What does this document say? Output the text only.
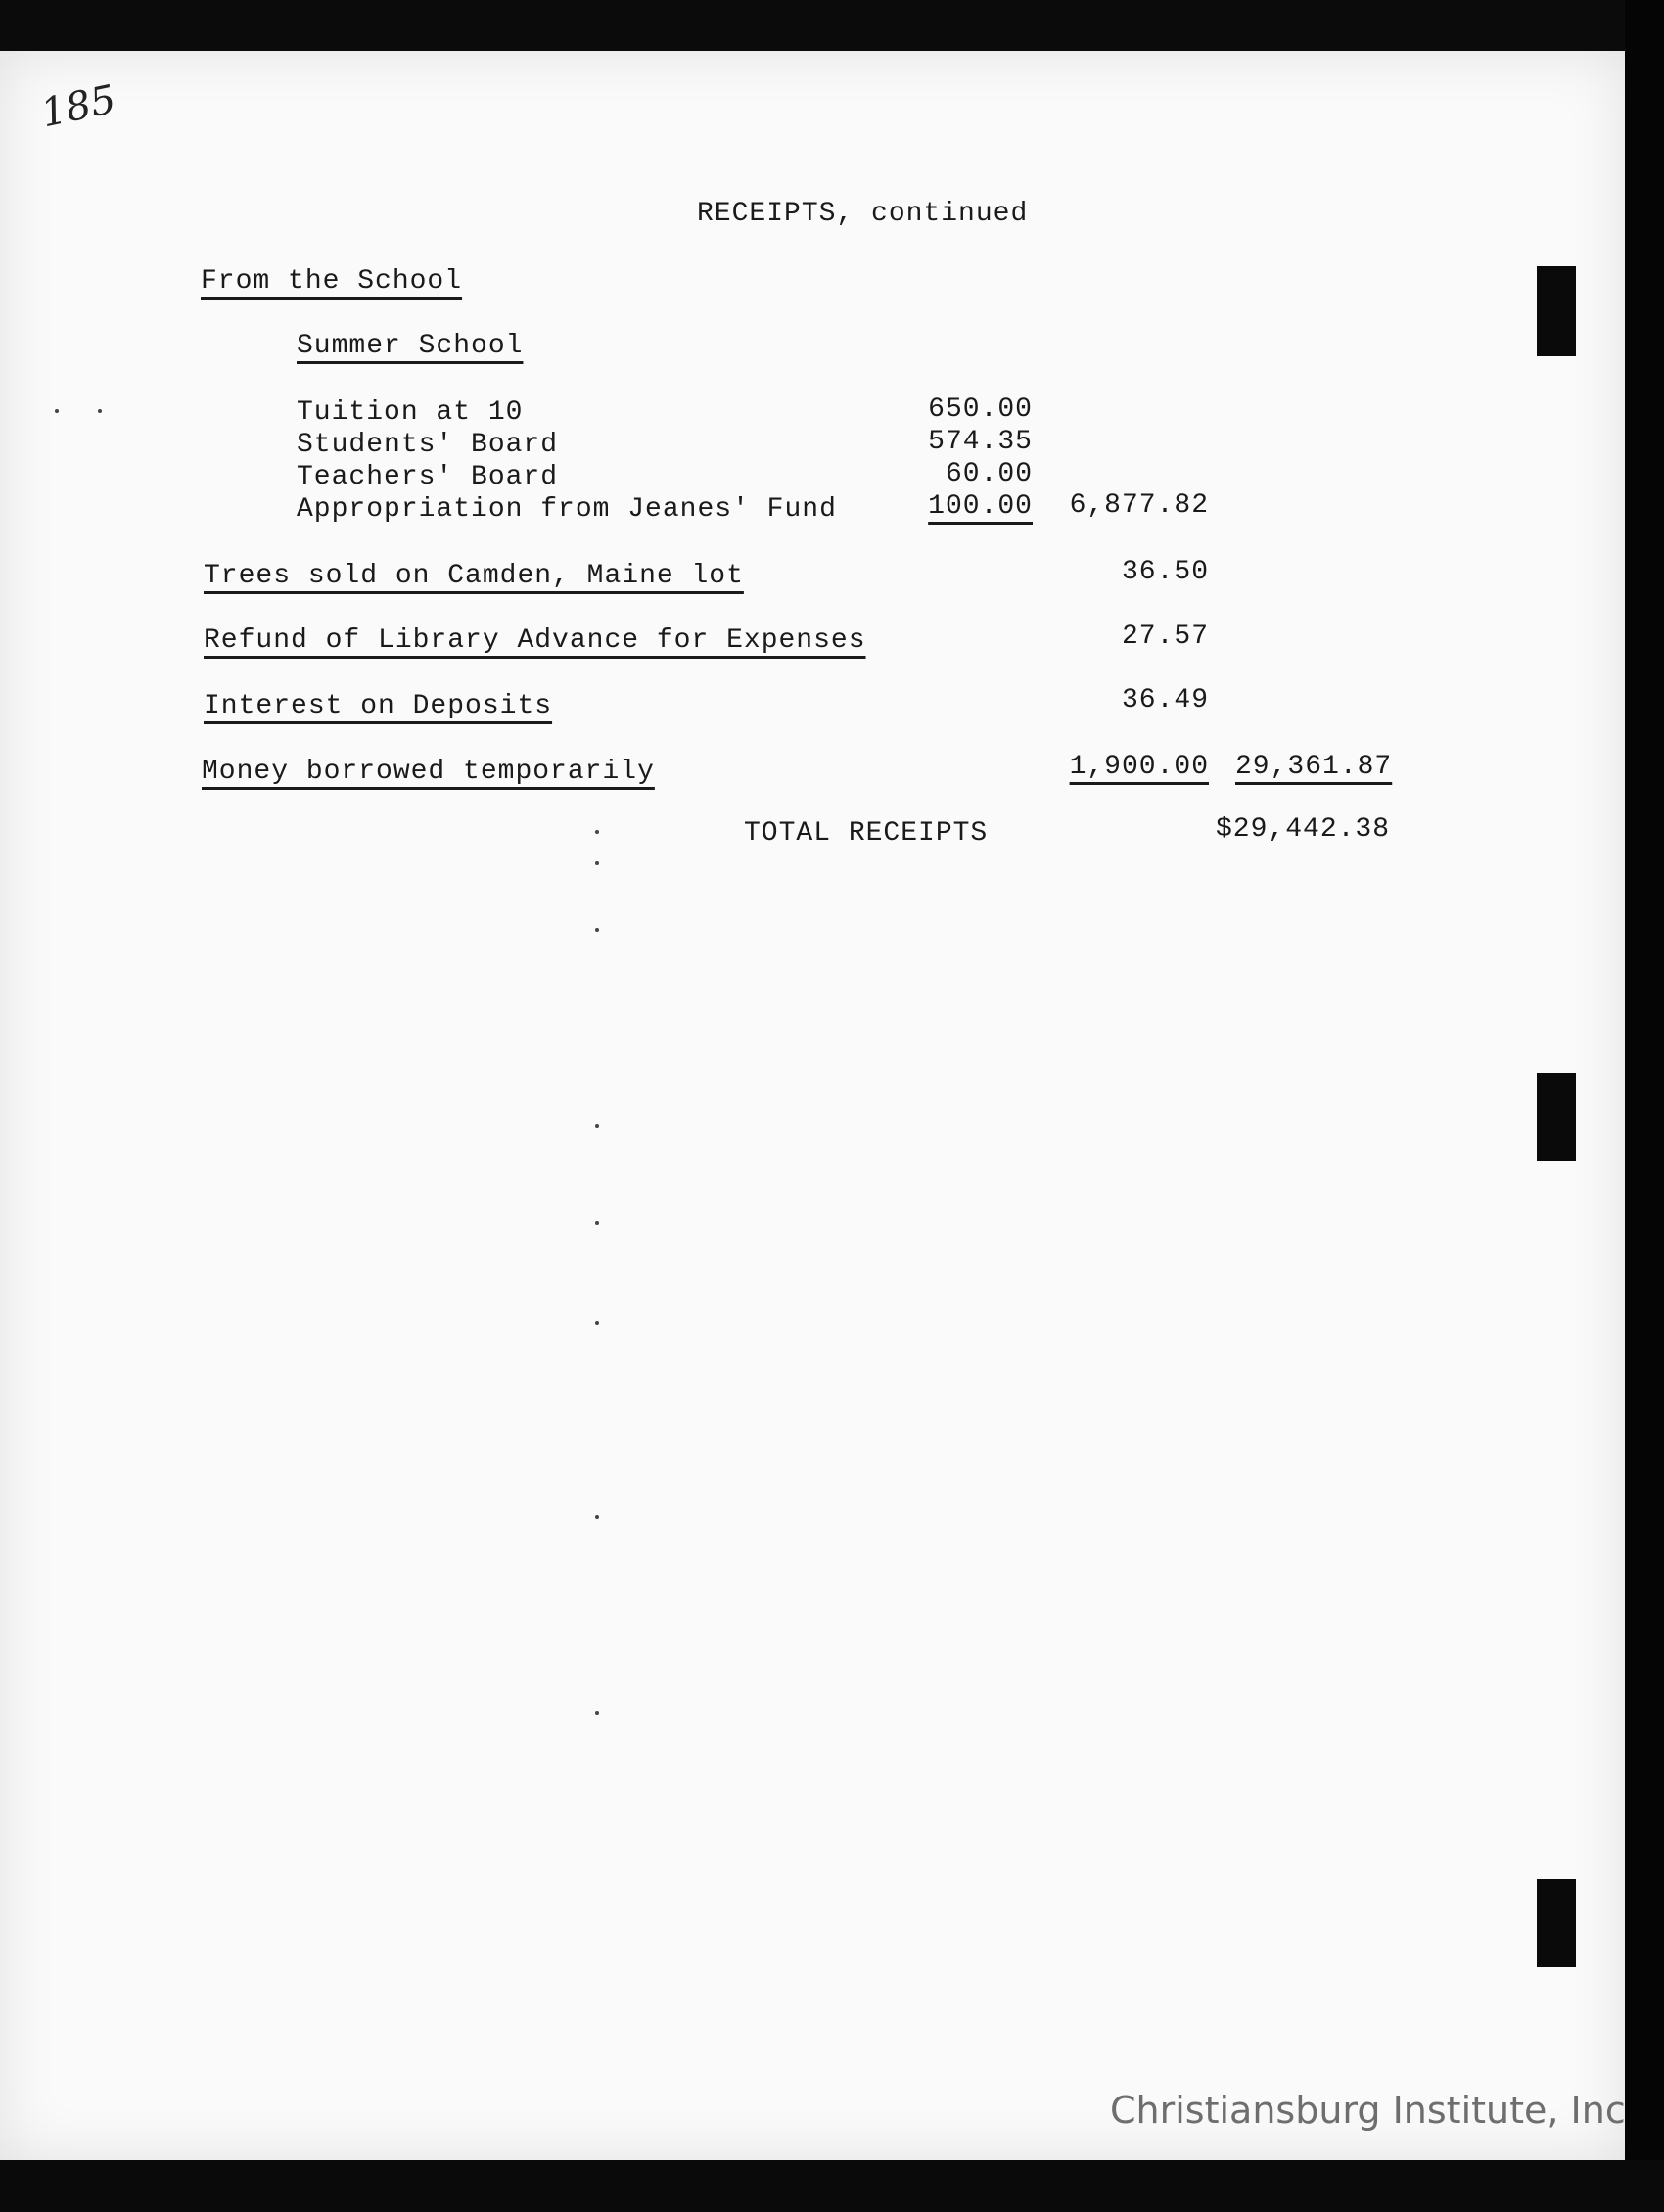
185
RECEIPTS, continued
From the School
Summer School
Tuition at 10	650.00
Students' Board	574.35
Teachers' Board	60.00
Appropriation from Jeanes' Fund	100.00 6,877.82
Trees sold on Camden, Maine lot	36.50
Refund of Library Advance for Expenses	27.57
Interest on Deposits	36.49
Money borrowed temporarily	1,900.00 29,361.87
TOTAL RECEIPTS	$29,442.38
Christiansburg Institute, Inc
